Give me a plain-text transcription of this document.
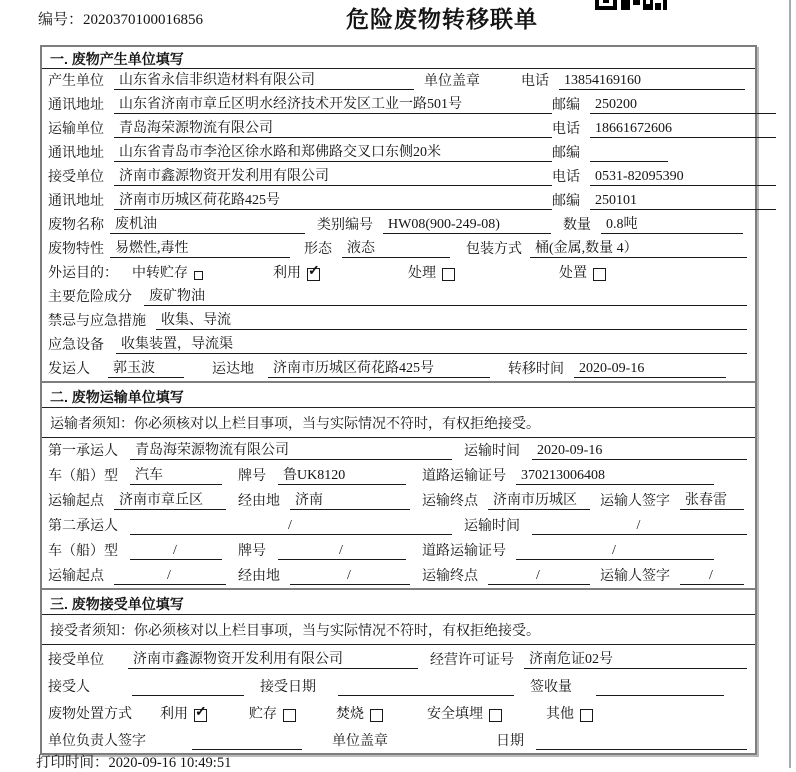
编号：2020370100016856	危险废物转移联单
一. 废物产生单位填写
产生单位	山东省永信非织造材料有限公司	单位盖章	电话	13854169160
通讯地址	山东省济南市章丘区明水经济技术开发区工业一路501号	邮编	250200
运输单位	青岛海荣源物流有限公司	电话	18661672606
通讯地址	山东省青岛市李沧区徐水路和郑佛路交叉口东侧20米	邮编
接受单位	济南市鑫源物资开发利用有限公司	电话	0531-82095390
通讯地址	济南市历城区荷花路425号	邮编	250101
废物名称 废机油	类别编号	HW08(900-249-08)	数量	0.8吨
废物特性 易燃性,毒性	形态	液态	包装方式 桶(金属,数量 4）
外运目的： 中转贮存	利用 ✓	处理	处置
主要危险成分	废矿物油
禁忌与应急措施	收集、导流
应急设备	收集装置，导流渠
发运人	郭玉波	运达地	济南市历城区荷花路425号	转移时间	2020-09-16
二. 废物运输单位填写
运输者须知：你必须核对以上栏目事项，当与实际情况不符时，有权拒绝接受。
第一承运人	青岛海荣源物流有限公司	运输时间	2020-09-16
车（船）型	汽车	牌号	鲁UK8120	道路运输证号	370213006408
运输起点	济南市章丘区	经由地	济南	运输终点	济南市历城区	运输人签字	张春雷
第二承运人	/	运输时间	/
车（船）型	/	牌号	/	道路运输证号	/
运输起点	/	经由地	/	运输终点	/	运输人签字	/
三. 废物接受单位填写
接受者须知：你必须核对以上栏目事项，当与实际情况不符时，有权拒绝接受。
接受单位	济南市鑫源物资开发利用有限公司	经营许可证号	济南危证02号
接受人	接受日期	签收量
废物处置方式 利用 ✓	贮存	焚烧	安全填埋	其他
单位负责人签字	单位盖章	日期
打印时间：2020-09-16 10:49:51
